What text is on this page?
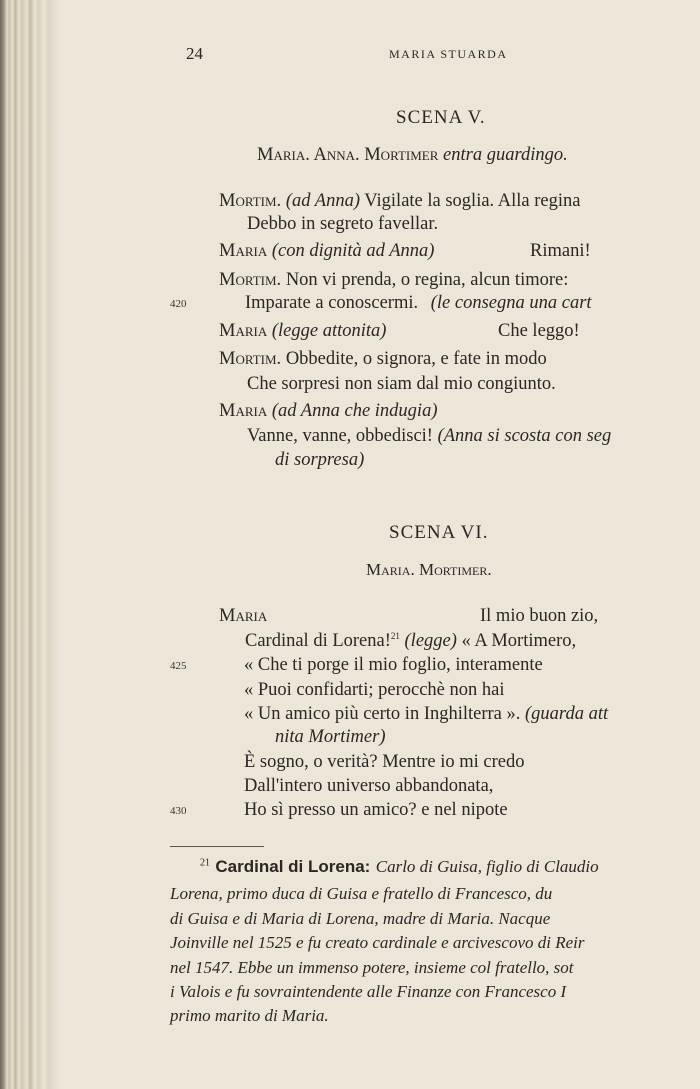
24	MARIA STUARDA
SCENA V.
Maria. Anna. Mortimer entra guardingo.
Mortim. (ad Anna) Vigilate la soglia. Alla regina
Debbo in segreto favellar.
Maria (con dignità ad Anna)	Rimani!
Mortim. Non vi prenda, o regina, alcun timore:
420	Imparate a conoscermi. (le consegna una cart
Maria (legge attonita)	Che leggo!
Mortim. Obbedite, o signora, e fate in modo
Che sorpresi non siam dal mio congiunto.
Maria (ad Anna che indugia)
Vanne, vanne, obbedisci! (Anna si scosta con seg
di sorpresa)
SCENA VI.
Maria. Mortimer.
Maria	Il mio buon zio,
Cardinal di Lorena!$^{21}$ (legge) « A Mortimero,
425	« Che ti porge il mio foglio, interamente
« Puoi confidarti; perocchè non hai
« Un amico più certo in Inghilterra ». (guarda att
nita Mortimer)
È sogno, o verità? Mentre io mi credo
Dall'intero universo abbandonata,
430	Ho sì presso un amico? e nel nipote
$^{21}$ Cardinal di Lorena: Carlo di Guisa, figlio di Claudio
Lorena, primo duca di Guisa e fratello di Francesco, du
di Guisa e di Maria di Lorena, madre di Maria. Nacque
Joinville nel 1525 e fu creato cardinale e arcivescovo di Reir
nel 1547. Ebbe un immenso potere, insieme col fratello, sot
i Valois e fu sovraintendente alle Finanze con Francesco I
primo marito di Maria.
